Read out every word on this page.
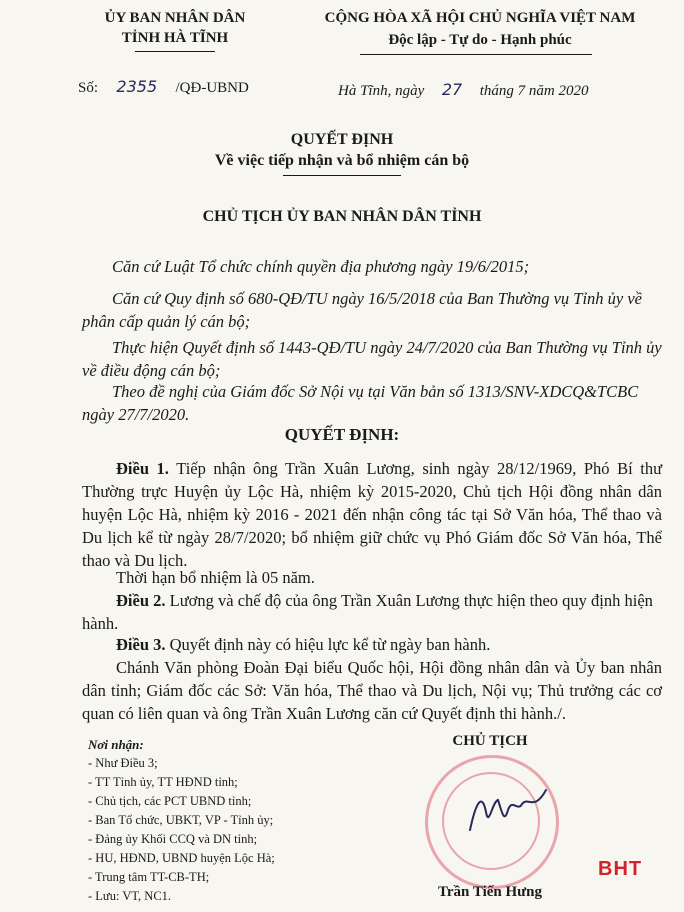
ỦY BAN NHÂN DÂN
TỈNH HÀ TĨNH
Số: 2355 /QĐ-UBND
CỘNG HÒA XÃ HỘI CHỦ NGHĨA VIỆT NAM
Độc lập - Tự do - Hạnh phúc
Hà Tĩnh, ngày 27 tháng 7 năm 2020
QUYẾT ĐỊNH
Về việc tiếp nhận và bổ nhiệm cán bộ
CHỦ TỊCH ỦY BAN NHÂN DÂN TỈNH
Căn cứ Luật Tổ chức chính quyền địa phương ngày 19/6/2015;
Căn cứ Quy định số 680-QĐ/TU ngày 16/5/2018 của Ban Thường vụ Tỉnh ủy về phân cấp quản lý cán bộ;
Thực hiện Quyết định số 1443-QĐ/TU ngày 24/7/2020 của Ban Thường vụ Tỉnh ủy về điều động cán bộ;
Theo đề nghị của Giám đốc Sở Nội vụ tại Văn bản số 1313/SNV-XDCQ&TCBC ngày 27/7/2020.
QUYẾT ĐỊNH:
Điều 1. Tiếp nhận ông Trần Xuân Lương, sinh ngày 28/12/1969, Phó Bí thư Thường trực Huyện ủy Lộc Hà, nhiệm kỳ 2015-2020, Chủ tịch Hội đồng nhân dân huyện Lộc Hà, nhiệm kỳ 2016 - 2021 đến nhận công tác tại Sở Văn hóa, Thể thao và Du lịch kể từ ngày 28/7/2020; bổ nhiệm giữ chức vụ Phó Giám đốc Sở Văn hóa, Thể thao và Du lịch.
Thời hạn bổ nhiệm là 05 năm.
Điều 2. Lương và chế độ của ông Trần Xuân Lương thực hiện theo quy định hiện hành.
Điều 3. Quyết định này có hiệu lực kể từ ngày ban hành.
Chánh Văn phòng Đoàn Đại biểu Quốc hội, Hội đồng nhân dân và Ủy ban nhân dân tỉnh; Giám đốc các Sở: Văn hóa, Thể thao và Du lịch, Nội vụ; Thủ trưởng các cơ quan có liên quan và ông Trần Xuân Lương căn cứ Quyết định thi hành./.
Nơi nhận:
- Như Điều 3;
- TT Tỉnh ủy, TT HĐND tỉnh;
- Chủ tịch, các PCT UBND tỉnh;
- Ban Tổ chức, UBKT, VP - Tỉnh ủy;
- Đảng ủy Khối CCQ và DN tỉnh;
- HU, HĐND, UBND huyện Lộc Hà;
- Trung tâm TT-CB-TH;
- Lưu: VT, NC1.
CHỦ TỊCH
Trần Tiến Hưng
BHT
